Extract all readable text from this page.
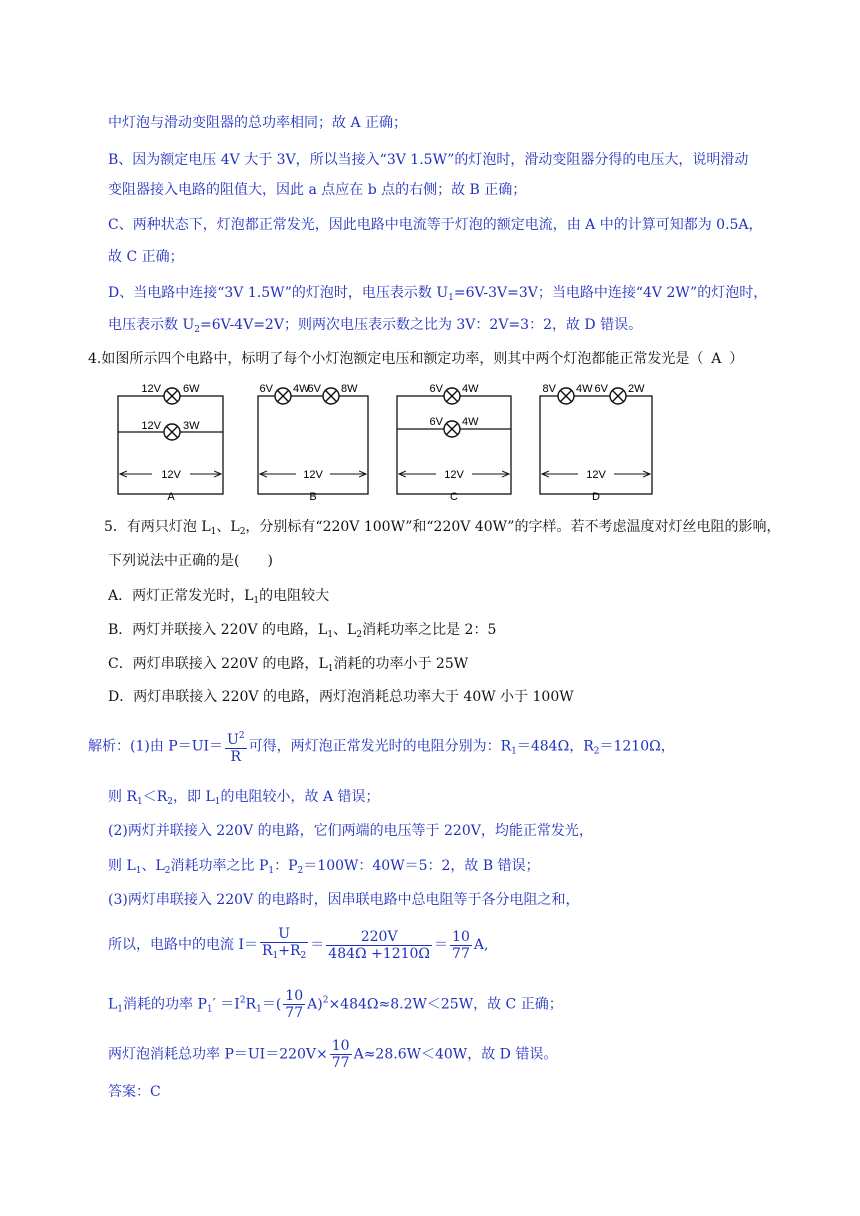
中灯泡与滑动变阻器的总功率相同；故 A 正确；
B、因为额定电压 4V 大于 3V，所以当接入“3V 1.5W”的灯泡时，滑动变阻器分得的电压大，说明滑动
变阻器接入电路的阻值大，因此 a 点应在 b 点的右侧；故 B 正确；
C、两种状态下，灯泡都正常发光，因此电路中电流等于灯泡的额定电流，由 A 中的计算可知都为 0.5A，
故 C 正确；
D、当电路中连接“3V 1.5W”的灯泡时，电压表示数 $U_1=6V-3V=3V$；当电路中连接“4V 2W”的灯泡时，
电压表示数 $U_2=6V-4V=2V$；则两次电压表示数之比为 3V：2V=3：2，故 D 错误。
4.如图所示四个电路中，标明了每个小灯泡额定电压和额定功率，则其中两个灯泡都能正常发光是（ A ）
12V 6W
12V 3W
12V
A
6V 4W
6V 8W
12V
B
6V 4W
6V 4W
12V
C
8V 4W 6V 2W
12V
D
5．有两只灯泡 $L_1$、$L_2$，分别标有“220V 100W”和“220V 40W”的字样。若不考虑温度对灯丝电阻的影响，
下列说法中正确的是(　　)
A．两灯正常发光时，$L_1$的电阻较大
B．两灯并联接入 220V 的电路，$L_1$、$L_2$消耗功率之比是 2：5
C．两灯串联接入 220V 的电路，$L_1$消耗的功率小于 25W
D．两灯串联接入 220V 的电路，两灯泡消耗总功率大于 40W 小于 100W
解析：(1)由 $P=UI= \frac{U^2}{R}$ 可得，两灯泡正常发光时的电阻分别为：$R_1=484\Omega$，$R_2=1210\Omega$，
则 $R_1<R_2$，即 $L_1$的电阻较小，故 A 错误；
(2)两灯并联接入 220V 的电路，它们两端的电压等于 220V，均能正常发光，
则 $L_1$、$L_2$消耗功率之比 $P_1$：$P_2=100W$：40W＝5：2，故 B 错误；
(3)两灯串联接入 220V 的电路时，因串联电路中总电阻等于各分电阻之和，
所以，电路中的电流 $I= \frac{U}{R_1+R_2} = \frac{220V}{484\Omega +1210\Omega} = \frac{10}{77} A$,
$L_1$消耗的功率 $P_1' =I^2R_1=( \frac{10}{77} A)^2\times 484\Omega\approx 8.2W<25W$，故 C 正确；
两灯泡消耗总功率 $P=UI=220V\times \frac{10}{77} A\approx 28.6W<40W$，故 D 错误。
答案：C
